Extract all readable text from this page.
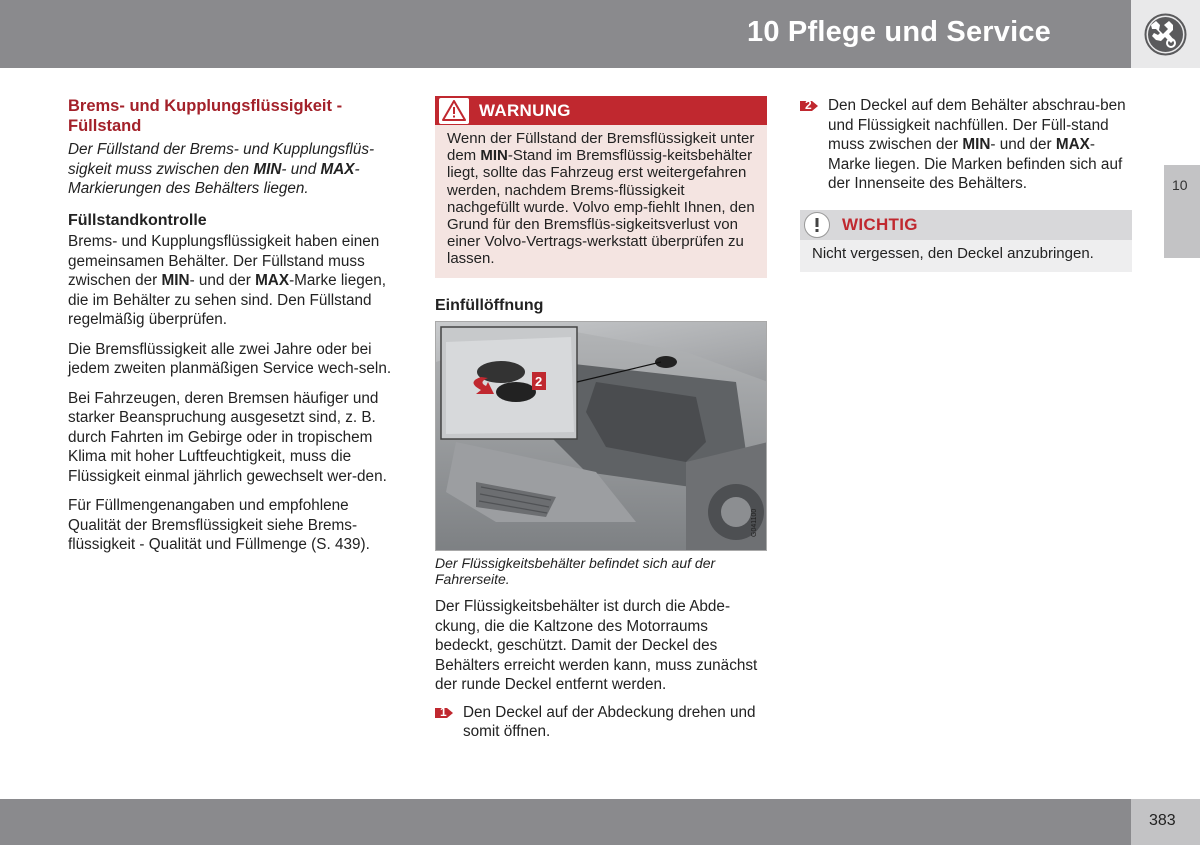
10 Pflege und Service
10
Brems- und Kupplungsflüssigkeit - Füllstand
Der Füllstand der Brems- und Kupplungsflüs-sigkeit muss zwischen den MIN- und MAX-Markierungen des Behälters liegen.
Füllstandkontrolle

Brems- und Kupplungsflüssigkeit haben einen gemeinsamen Behälter. Der Füllstand muss zwischen der MIN- und der MAX-Marke liegen, die im Behälter zu sehen sind. Den Füllstand regelmäßig überprüfen.

Die Bremsflüssigkeit alle zwei Jahre oder bei jedem zweiten planmäßigen Service wech-seln.

Bei Fahrzeugen, deren Bremsen häufiger und starker Beanspruchung ausgesetzt sind, z. B. durch Fahrten im Gebirge oder in tropischem Klima mit hoher Luftfeuchtigkeit, muss die Flüssigkeit einmal jährlich gewechselt wer-den.

Für Füllmengenangaben und empfohlene Qualität der Bremsflüssigkeit siehe Brems-flüssigkeit - Qualität und Füllmenge (S. 439).

WARNUNG
Wenn der Füllstand der Bremsflüssigkeit unter dem MIN-Stand im Bremsflüssig-keitsbehälter liegt, sollte das Fahrzeug erst weitergefahren werden, nachdem Brems-flüssigkeit nachgefüllt wurde. Volvo emp-fiehlt Ihnen, den Grund für den Bremsflüs-sigkeitsverlust von einer Volvo-Vertrags-werkstatt überprüfen zu lassen.
Einfüllöffnung
2
G041100
Der Flüssigkeitsbehälter befindet sich auf der Fahrerseite.

Der Flüssigkeitsbehälter ist durch die Abde-ckung, die die Kaltzone des Motorraums bedeckt, geschützt. Damit der Deckel des Behälters erreicht werden kann, muss zunächst der runde Deckel entfernt werden.

1 Den Deckel auf der Abdeckung drehen und somit öffnen.
2 Den Deckel auf dem Behälter abschrau-ben und Flüssigkeit nachfüllen. Der Füll-stand muss zwischen der MIN- und der MAX-Marke liegen. Die Marken befinden sich auf der Innenseite des Behälters.
WICHTIG
Nicht vergessen, den Deckel anzubringen.
383
